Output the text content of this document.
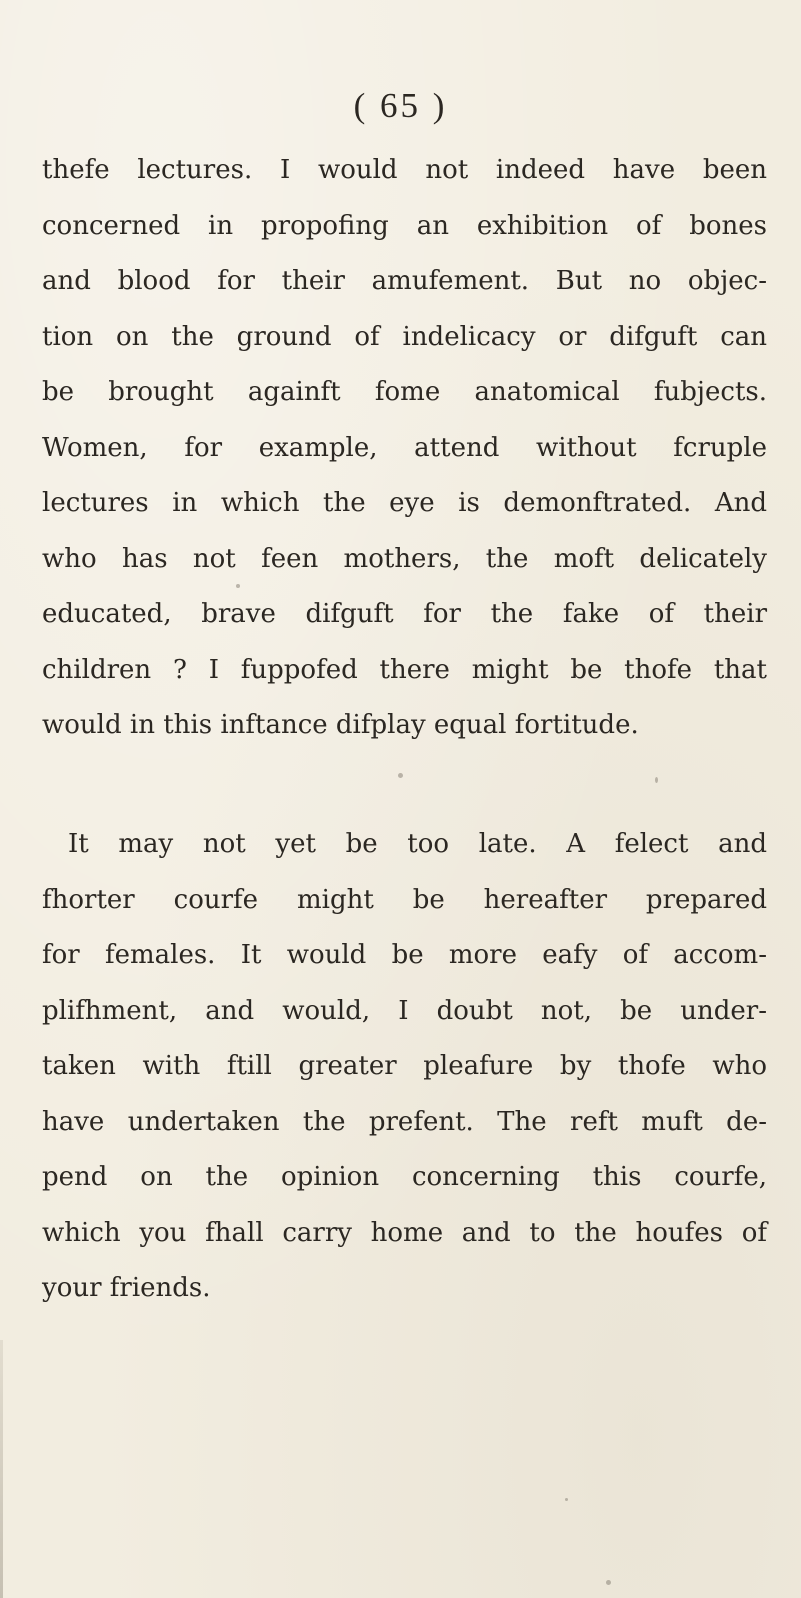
( 65 )
thefe lectures. I would not indeed have been
concerned in propofing an exhibition of bones
and blood for their amufement. But no objec-
tion on the ground of indelicacy or difguft can
be brought againft fome anatomical fubjects.
Women, for example, attend without fcruple
lectures in which the eye is demonftrated. And
who has not feen mothers, the moft delicately
educated, brave difguft for the fake of their
children ? I fuppofed there might be thofe that
would in this inftance difplay equal fortitude.
It may not yet be too late. A felect and
fhorter courfe might be hereafter prepared
for females. It would be more eafy of accom-
plifhment, and would, I doubt not, be under-
taken with ftill greater pleafure by thofe who
have undertaken the prefent. The reft muft de-
pend on the opinion concerning this courfe,
which you fhall carry home and to the houfes of
your friends.
